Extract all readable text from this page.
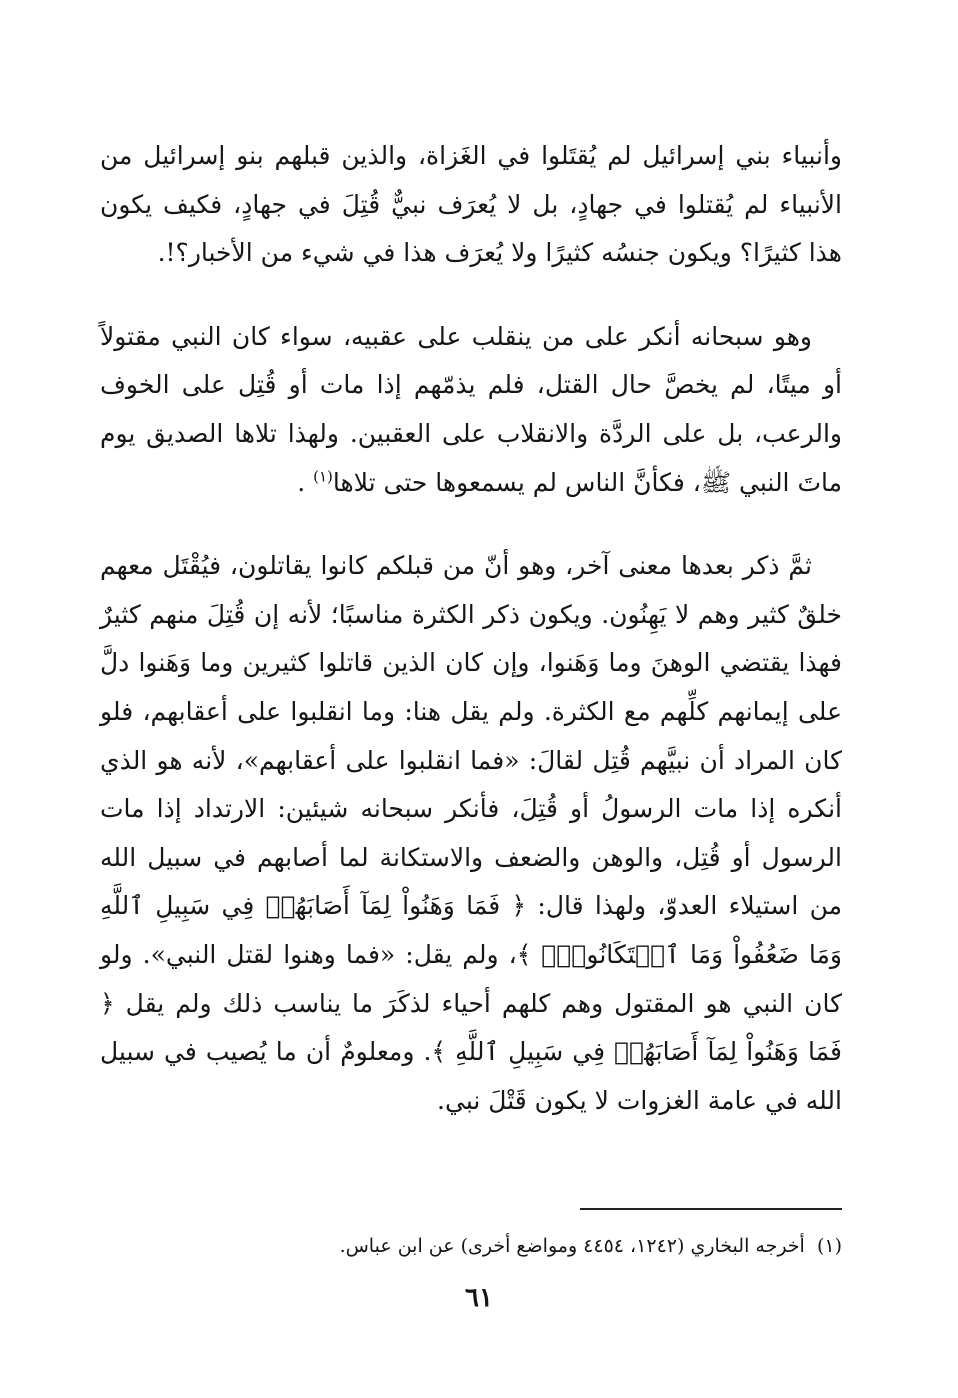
وأنبياء بني إسرائيل لم يُقتَلوا في الغَزاة، والذين قبلهم بنو إسرائيل من الأنبياء لم يُقتلوا في جهادٍ، بل لا يُعرَف نبيٌّ قُتِلَ في جهادٍ، فكيف يكون هذا كثيرًا؟ ويكون جنسُه كثيرًا ولا يُعرَف هذا في شيء من الأخبار؟!.

وهو سبحانه أنكر على من ينقلب على عقبيه، سواء كان النبي مقتولاً أو ميتًا، لم يخصَّ حال القتل، فلم يذمّهم إذا مات أو قُتِل على الخوف والرعب، بل على الردَّة والانقلاب على العقبين. ولهذا تلاها الصديق يوم ماتَ النبي ﷺ، فكأنَّ الناس لم يسمعوها حتى تلاها$^{(١)}$ .

ثمَّ ذكر بعدها معنى آخر، وهو أنّ من قبلكم كانوا يقاتلون، فيُقْتَل معهم خلقٌ كثير وهم لا يَهِنُون. ويكون ذكر الكثرة مناسبًا؛ لأنه إن قُتِلَ منهم كثيرٌ فهذا يقتضي الوهنَ وما وَهَنوا، وإن كان الذين قاتلوا كثيرين وما وَهَنوا دلَّ على إيمانهم كلِّهم مع الكثرة. ولم يقل هنا: وما انقلبوا على أعقابهم، فلو كان المراد أن نبيَّهم قُتِل لقالَ: «فما انقلبوا على أعقابهم»، لأنه هو الذي أنكره إذا مات الرسولُ أو قُتِلَ، فأنكر سبحانه شيئين: الارتداد إذا مات الرسول أو قُتِل، والوهن والضعف والاستكانة لما أصابهم في سبيل الله من استيلاء العدوّ، ولهذا قال: ﴿ فَمَا وَهَنُواْ لِمَآ أَصَابَهُمۡ فِي سَبِيلِ ٱللَّهِ وَمَا ضَعُفُواْ وَمَا ٱسۡتَكَانُواْۗ ﴾، ولم يقل: «فما وهنوا لقتل النبي». ولو كان النبي هو المقتول وهم كلهم أحياء لذكَرَ ما يناسب ذلك ولم يقل ﴿ فَمَا وَهَنُواْ لِمَآ أَصَابَهُمۡ فِي سَبِيلِ ٱللَّهِ ﴾. ومعلومٌ أن ما يُصيب في سبيل الله في عامة الغزوات لا يكون قَتْلَ نبي.

(١)  أخرجه البخاري (١٢٤٢، ٤٤٥٤ ومواضع أخرى) عن ابن عباس.
٦١
